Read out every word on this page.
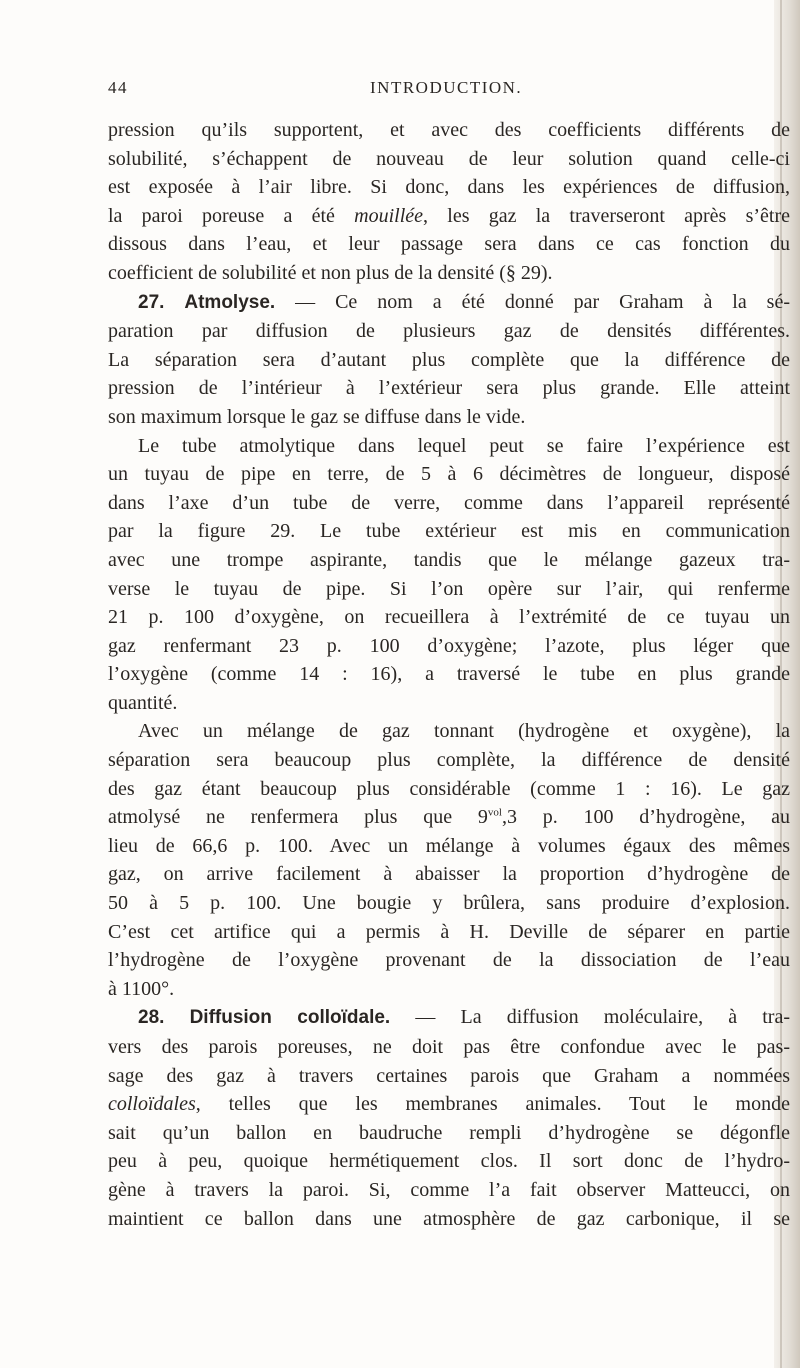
44	INTRODUCTION.
pression qu’ils supportent, et avec des coefficients différents de
solubilité, s’échappent de nouveau de leur solution quand celle-ci
est exposée à l’air libre. Si donc, dans les expériences de diffusion,
la paroi poreuse a été mouillée, les gaz la traverseront après s’être
dissous dans l’eau, et leur passage sera dans ce cas fonction du
coefficient de solubilité et non plus de la densité (§ 29).
27. Atmolyse. — Ce nom a été donné par Graham à la sé-
paration par diffusion de plusieurs gaz de densités différentes.
La séparation sera d’autant plus complète que la différence de
pression de l’intérieur à l’extérieur sera plus grande. Elle atteint
son maximum lorsque le gaz se diffuse dans le vide.
Le tube atmolytique dans lequel peut se faire l’expérience est
un tuyau de pipe en terre, de 5 à 6 décimètres de longueur, disposé
dans l’axe d’un tube de verre, comme dans l’appareil représenté
par la figure 29. Le tube extérieur est mis en communication
avec une trompe aspirante, tandis que le mélange gazeux tra-
verse le tuyau de pipe. Si l’on opère sur l’air, qui renferme
21 p. 100 d’oxygène, on recueillera à l’extrémité de ce tuyau un
gaz renfermant 23 p. 100 d’oxygène; l’azote, plus léger que
l’oxygène (comme 14 : 16), a traversé le tube en plus grande
quantité.
Avec un mélange de gaz tonnant (hydrogène et oxygène), la
séparation sera beaucoup plus complète, la différence de densité
des gaz étant beaucoup plus considérable (comme 1 : 16). Le gaz
atmolysé ne renfermera plus que $9^{vol},3$ p. 100 d’hydrogène, au
lieu de 66,6 p. 100. Avec un mélange à volumes égaux des mêmes
gaz, on arrive facilement à abaisser la proportion d’hydrogène de
50 à 5 p. 100. Une bougie y brûlera, sans produire d’explosion.
C’est cet artifice qui a permis à H. Deville de séparer en partie
l’hydrogène de l’oxygène provenant de la dissociation de l’eau
à 1100°.
28. Diffusion colloïdale. — La diffusion moléculaire, à tra-
vers des parois poreuses, ne doit pas être confondue avec le pas-
sage des gaz à travers certaines parois que Graham a nommées
colloïdales, telles que les membranes animales. Tout le monde
sait qu’un ballon en baudruche rempli d’hydrogène se dégonfle
peu à peu, quoique hermétiquement clos. Il sort donc de l’hydro-
gène à travers la paroi. Si, comme l’a fait observer Matteucci, on
maintient ce ballon dans une atmosphère de gaz carbonique, il se
